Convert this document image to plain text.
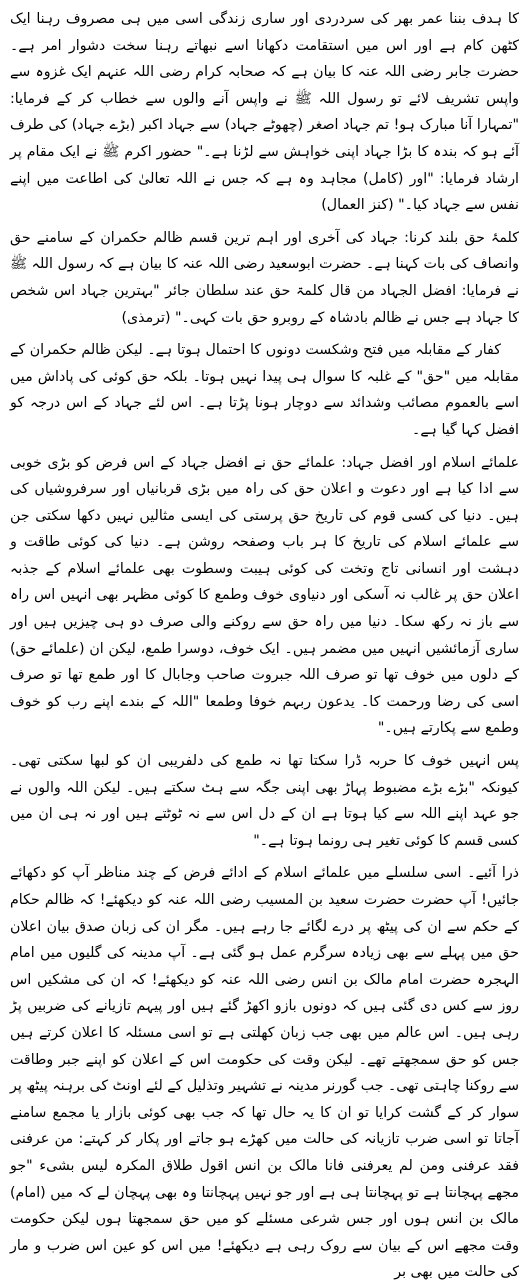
کا ہدف بننا عمر بھر کی سردردی اور ساری زندگی اسی میں ہی مصروف رہنا ایک کٹھن کام ہے اور اس میں استقامت دکھانا اسے نبھاتے رہنا سخت دشوار امر ہے۔ حضرت جابر رضی اللہ عنہ کا بیان ہے کہ صحابہ کرام رضی اللہ عنہم ایک غزوہ سے واپس تشریف لائے تو رسول اللہ ﷺ نے واپس آنے والوں سے خطاب کر کے فرمایا: "تمہارا آنا مبارک ہو! تم جہاد اصغر (چھوٹے جہاد) سے جہاد اکبر (بڑے جہاد) کی طرف آئے ہو کہ بندہ کا بڑا جہاد اپنی خواہش سے لڑنا ہے۔" حضور اکرم ﷺ نے ایک مقام پر ارشاد فرمایا: "اور (کامل) مجاہد وہ ہے کہ جس نے اللہ تعالیٰ کی اطاعت میں اپنے نفس سے جہاد کیا۔" (کنز العمال)

کلمۂ حق بلند کرنا: جہاد کی آخری اور اہم ترین قسم ظالم حکمران کے سامنے حق وانصاف کی بات کہنا ہے۔ حضرت ابوسعید رضی اللہ عنہ کا بیان ہے کہ رسول اللہ ﷺ نے فرمایا: افضل الجہاد من قال کلمۃ حق عند سلطان جائر "بہترین جہاد اس شخص کا جہاد ہے جس نے ظالم بادشاہ کے روبرو حق بات کہی۔" (ترمذی)

کفار کے مقابلہ میں فتح وشکست دونوں کا احتمال ہوتا ہے۔ لیکن ظالم حکمران کے مقابلہ میں "حق" کے غلبہ کا سوال ہی پیدا نہیں ہوتا۔ بلکہ حق کوئی کی پاداش میں اسے بالعموم مصائب وشدائد سے دوچار ہونا پڑتا ہے۔ اس لئے جہاد کے اس درجہ کو افضل کہا گیا ہے۔

علمائے اسلام اور افضل جہاد: علمائے حق نے افضل جہاد کے اس فرض کو بڑی خوبی سے ادا کیا ہے اور دعوت و اعلان حق کی راہ میں بڑی قربانیاں اور سرفروشیاں کی ہیں۔ دنیا کی کسی قوم کی تاریخ حق پرستی کی ایسی مثالیں نہیں دکھا سکتی جن سے علمائے اسلام کی تاریخ کا ہر باب وصفحہ روشن ہے۔ دنیا کی کوئی طاقت و دہشت اور انسانی تاج وتخت کی کوئی ہیبت وسطوت بھی علمائے اسلام کے جذبہ اعلان حق پر غالب نہ آسکی اور دنیاوی خوف وطمع کا کوئی مظہر بھی انہیں اس راہ سے باز نہ رکھ سکا۔ دنیا میں راہ حق سے روکنے والی صرف دو ہی چیزیں ہیں اور ساری آزمائشیں انہیں میں مضمر ہیں۔ ایک خوف، دوسرا طمع، لیکن ان (علمائے حق) کے دلوں میں خوف تھا تو صرف اللہ جبروت صاحب وجابال کا اور طمع تھا تو صرف اسی کی رضا ورحمت کا۔ یدعون ربہم خوفا وطمعا "اللہ کے بندے اپنے رب کو خوف وطمع سے پکارتے ہیں۔"

پس انہیں خوف کا حربہ ڈرا سکتا تھا نہ طمع کی دلفریبی ان کو لبھا سکتی تھی۔ کیونکہ "بڑے بڑے مضبوط پہاڑ بھی اپنی جگہ سے ہٹ سکتے ہیں۔ لیکن اللہ والوں نے جو عہد اپنے اللہ سے کیا ہوتا ہے ان کے دل اس سے نہ ٹوٹتے ہیں اور نہ ہی ان میں کسی قسم کا کوئی تغیر ہی رونما ہوتا ہے۔"

ذرا آئیے۔ اسی سلسلے میں علمائے اسلام کے ادائے فرض کے چند مناظر آپ کو دکھائے جائیں! آپ حضرت حضرت سعید بن المسیب رضی اللہ عنہ کو دیکھئے! کہ ظالم حکام کے حکم سے ان کی پیٹھ پر درے لگائے جا رہے ہیں۔ مگر ان کی زبان صدق بیان اعلان حق میں پہلے سے بھی زیادہ سرگرم عمل ہو گئی ہے۔ آپ مدینہ کی گلیوں میں امام الہجرہ حضرت امام مالک بن انس رضی اللہ عنہ کو دیکھئے! کہ ان کی مشکیں اس روز سے کس دی گئی ہیں کہ دونوں بازو اکھڑ گئے ہیں اور پیہم تازیانے کی ضربیں پڑ رہی ہیں۔ اس عالم میں بھی جب زبان کھلتی ہے تو اسی مسئلہ کا اعلان کرتے ہیں جس کو حق سمجھتے تھے۔ لیکن وقت کی حکومت اس کے اعلان کو اپنے جبر وطاقت سے روکنا چاہتی تھی۔ جب گورنر مدینہ نے تشہیر وتذلیل کے لئے اونٹ کی برہنہ پیٹھ پر سوار کر کے گشت کرایا تو ان کا یہ حال تھا کہ جب بھی کوئی بازار یا مجمع سامنے آجاتا تو اسی ضرب تازیانہ کی حالت میں کھڑے ہو جاتے اور پکار کر کہتے: من عرفنی فقد عرفنی ومن لم یعرفنی فانا مالک بن انس اقول طلاق المکرہ لیس بشیء "جو مجھے پہچانتا ہے تو پہچانتا ہی ہے اور جو نہیں پہچانتا وہ بھی پہچان لے کہ میں (امام) مالک بن انس ہوں اور جس شرعی مسئلے کو میں حق سمجھتا ہوں لیکن حکومت وقت مجھے اس کے بیان سے روک رہی ہے دیکھئے! میں اس کو عین اس ضرب و مار کی حالت میں بھی بر
